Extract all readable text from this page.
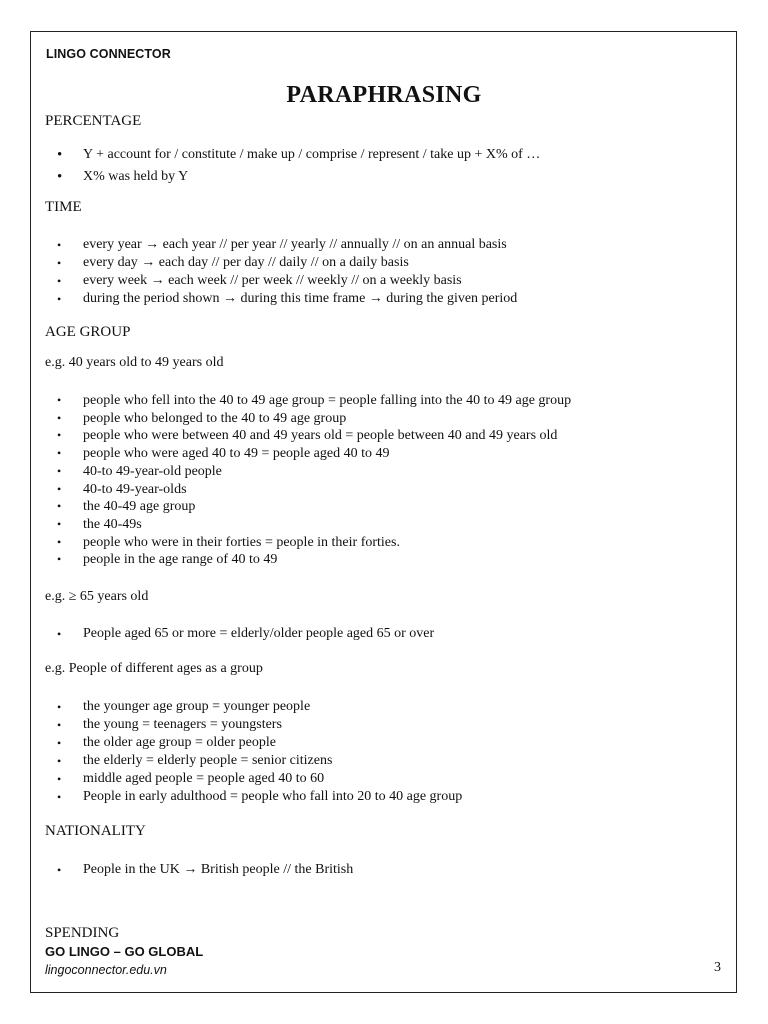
LINGO CONNECTOR
PARAPHRASING
PERCENTAGE
• Y + account for / constitute / make up / comprise / represent / take up + X% of …
• X% was held by Y
TIME
• every year → each year // per year // yearly // annually // on an annual basis
• every day → each day // per day // daily // on a daily basis
• every week → each week // per week // weekly // on a weekly basis
• during the period shown → during this time frame → during the given period
AGE GROUP
e.g. 40 years old to 49 years old
• people who fell into the 40 to 49 age group = people falling into the 40 to 49 age group
• people who belonged to the 40 to 49 age group
• people who were between 40 and 49 years old = people between 40 and 49 years old
• people who were aged 40 to 49 = people aged 40 to 49
• 40-to 49-year-old people
• 40-to 49-year-olds
• the 40-49 age group
• the 40-49s
• people who were in their forties = people in their forties.
• people in the age range of 40 to 49
e.g. ≥ 65 years old
• People aged 65 or more = elderly/older people aged 65 or over
e.g. People of different ages as a group
• the younger age group = younger people
• the young = teenagers = youngsters
• the older age group = older people
• the elderly = elderly people = senior citizens
• middle aged people = people aged 40 to 60
• People in early adulthood = people who fall into 20 to 40 age group
NATIONALITY
• People in the UK → British people // the British
SPENDING
GO LINGO – GO GLOBAL
lingoconnector.edu.vn	3
